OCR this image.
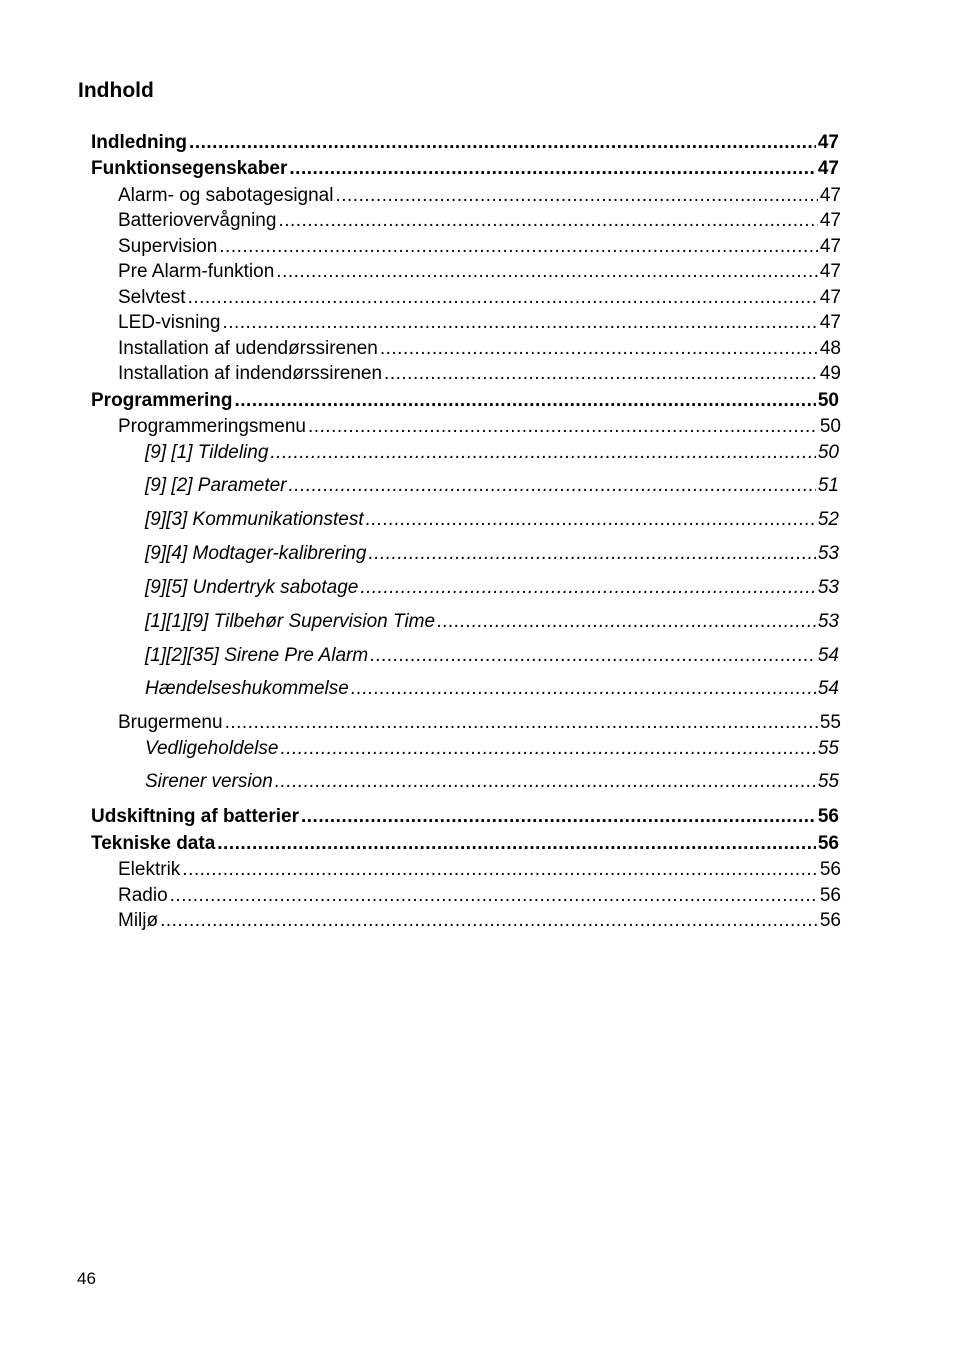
Indhold
Indledning .....	47
Funktionsegenskaber .....	47
Alarm- og sabotagesignal .....	47
Batteriovervågning .....	47
Supervision .....	47
Pre Alarm-funktion .....	47
Selvtest .....	47
LED-visning .....	47
Installation af udendørssirenen .....	48
Installation af indendørssirenen .....	49
Programmering .....	50
Programmeringsmenu .....	50
[9] [1] Tildeling .....	50
[9] [2] Parameter .....	51
[9][3] Kommunikationstest .....	52
[9][4] Modtager-kalibrering .....	53
[9][5] Undertryk sabotage .....	53
[1][1][9] Tilbehør Supervision Time .....	53
[1][2][35] Sirene Pre Alarm .....	54
Hændelseshukommelse .....	54
Brugermenu .....	55
Vedligeholdelse .....	55
Sirener version .....	55
Udskiftning af batterier .....	56
Tekniske data .....	56
Elektrik .....	56
Radio .....	56
Miljø .....	56
46
